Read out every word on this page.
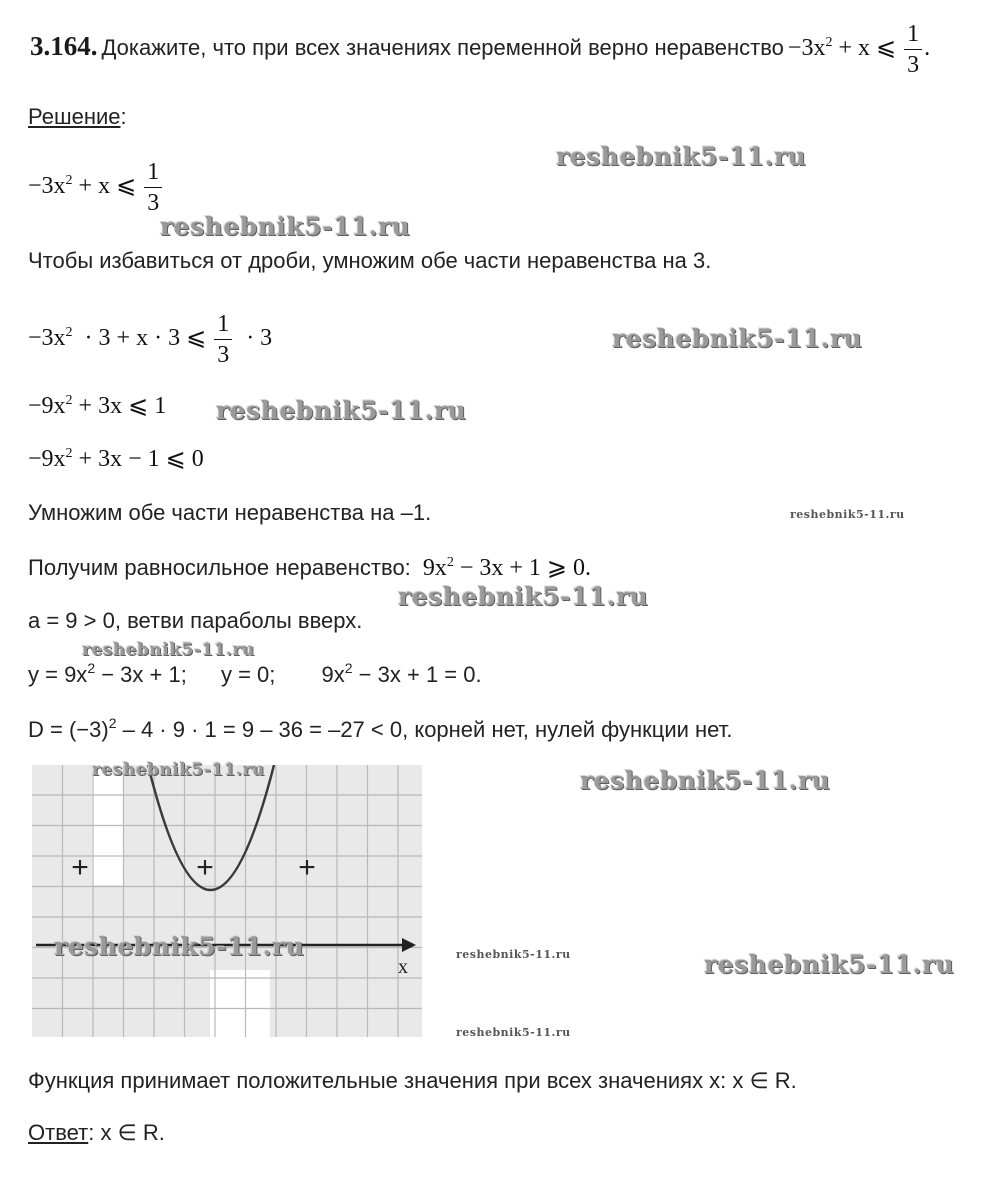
3.164. Докажите, что при всех значениях переменной верно неравенство $-3x^2 + x$ ⩽ $\frac{1}{3}$ .
Решение:
$-3x^2 + x$ ⩽ $\frac{1}{3}$
Чтобы избавиться от дроби, умножим обе части неравенства на 3.
$-3x^2 \cdot 3 + x \cdot 3$ ⩽ $\frac{1}{3} \cdot 3$
$-9x^2 + 3x$ ⩽ 1
$-9x^2 + 3x - 1$ ⩽ 0
Умножим обе части неравенства на –1.
Получим равносильное неравенство: $9x^2 - 3x + 1$ ⩾ 0.
a = 9 > 0, ветви параболы вверх.
$y = 9x^2 - 3x + 1$; y = 0; $9x^2 - 3x + 1 = 0$.
$D = (-3)^2 - 4 \cdot 9 \cdot 1 = 9 - 36 = -27 < 0$, корней нет, нулей функции нет.
+	+	+
x
Функция принимает положительные значения при всех значениях x: x ∈ R.
Ответ: x ∈ R.
reshebnik5-11.ru
reshebnik5-11.ru
reshebnik5-11.ru
reshebnik5-11.ru
reshebnik5-11.ru
reshebnik5-11.ru
reshebnik5-11.ru
reshebnik5-11.ru
reshebnik5-11.ru
reshebnik5-11.ru	reshebnik5-11.ru	reshebnik5-11.ru
reshebnik5-11.ru
